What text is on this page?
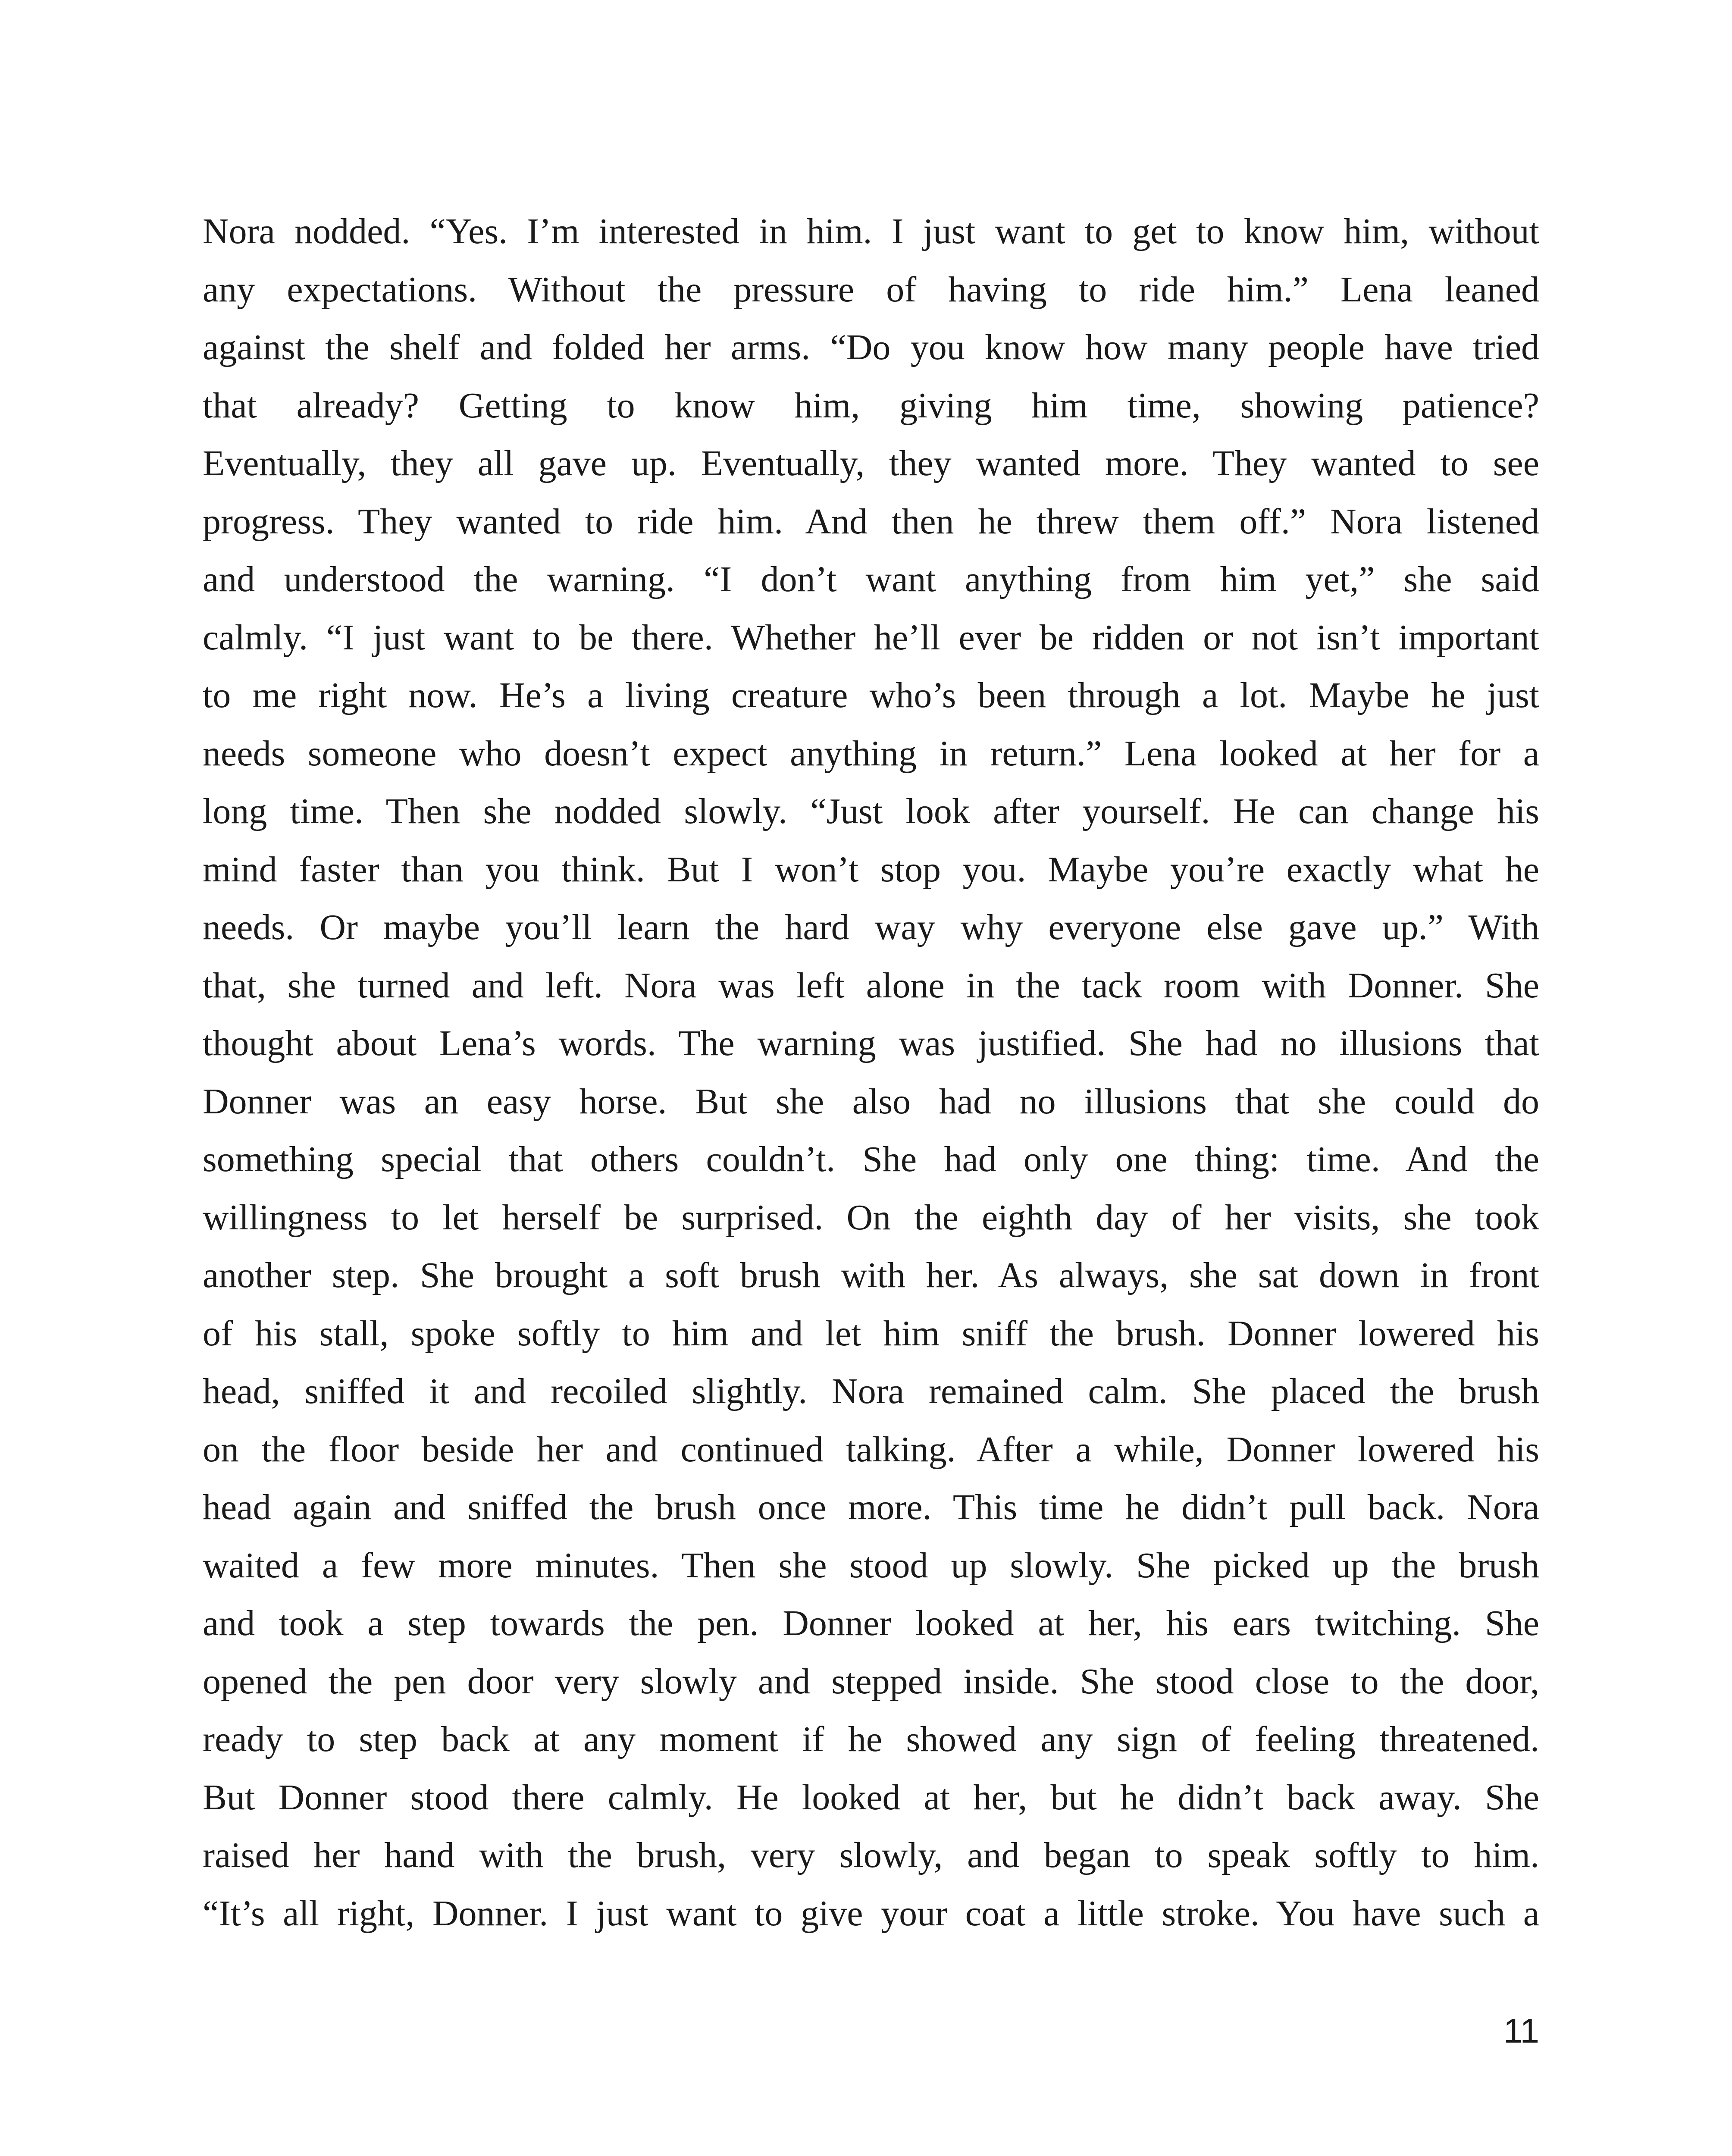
Nora nodded. “Yes. I’m interested in him. I just want to get to know him, without
any expectations. Without the pressure of having to ride him.” Lena leaned
against the shelf and folded her arms. “Do you know how many people have tried
that already? Getting to know him, giving him time, showing patience?
Eventually, they all gave up. Eventually, they wanted more. They wanted to see
progress. They wanted to ride him. And then he threw them off.” Nora listened
and understood the warning. “I don’t want anything from him yet,” she said
calmly. “I just want to be there. Whether he’ll ever be ridden or not isn’t important
to me right now. He’s a living creature who’s been through a lot. Maybe he just
needs someone who doesn’t expect anything in return.” Lena looked at her for a
long time. Then she nodded slowly. “Just look after yourself. He can change his
mind faster than you think. But I won’t stop you. Maybe you’re exactly what he
needs. Or maybe you’ll learn the hard way why everyone else gave up.” With
that, she turned and left. Nora was left alone in the tack room with Donner. She
thought about Lena’s words. The warning was justified. She had no illusions that
Donner was an easy horse. But she also had no illusions that she could do
something special that others couldn’t. She had only one thing: time. And the
willingness to let herself be surprised. On the eighth day of her visits, she took
another step. She brought a soft brush with her. As always, she sat down in front
of his stall, spoke softly to him and let him sniff the brush. Donner lowered his
head, sniffed it and recoiled slightly. Nora remained calm. She placed the brush
on the floor beside her and continued talking. After a while, Donner lowered his
head again and sniffed the brush once more. This time he didn’t pull back. Nora
waited a few more minutes. Then she stood up slowly. She picked up the brush
and took a step towards the pen. Donner looked at her, his ears twitching. She
opened the pen door very slowly and stepped inside. She stood close to the door,
ready to step back at any moment if he showed any sign of feeling threatened.
But Donner stood there calmly. He looked at her, but he didn’t back away. She
raised her hand with the brush, very slowly, and began to speak softly to him.
“It’s all right, Donner. I just want to give your coat a little stroke. You have such a
11
